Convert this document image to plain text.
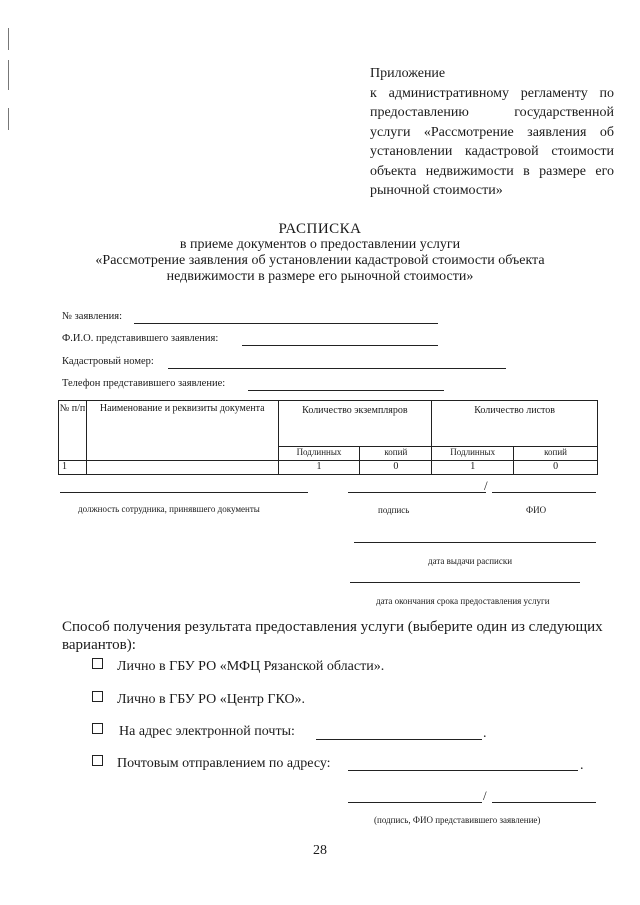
Приложение
к административному регламенту по
предоставлению государственной
услуги «Рассмотрение заявления об
установлении кадастровой стоимости
объекта недвижимости в размере его
рыночной стоимости»
РАСПИСКА
в приеме документов о предоставлении услуги
«Рассмотрение заявления об установлении кадастровой стоимости объекта
недвижимости в размере его рыночной стоимости»
№ заявления:
Ф.И.О. представившего заявления:
Кадастровый номер:
Телефон представившего заявление:
№ п/п	Наименование и реквизиты документа	Количество экземпляров		Количество листов	
		Подлинных	копий	Подлинных	копий
1		1	0	1	0
/
должность сотрудника, принявшего документы	подпись	ФИО
дата выдачи расписки
дата окончания срока предоставления услуги
Способ получения результата предоставления услуги (выберите один из следующих
вариантов):
Лично в ГБУ РО «МФЦ Рязанской области».
Лично в ГБУ РО «Центр ГКО».
На адрес электронной почты:	.
Почтовым отправлением по адресу:	.
/
(подпись, ФИО представившего заявление)
28
